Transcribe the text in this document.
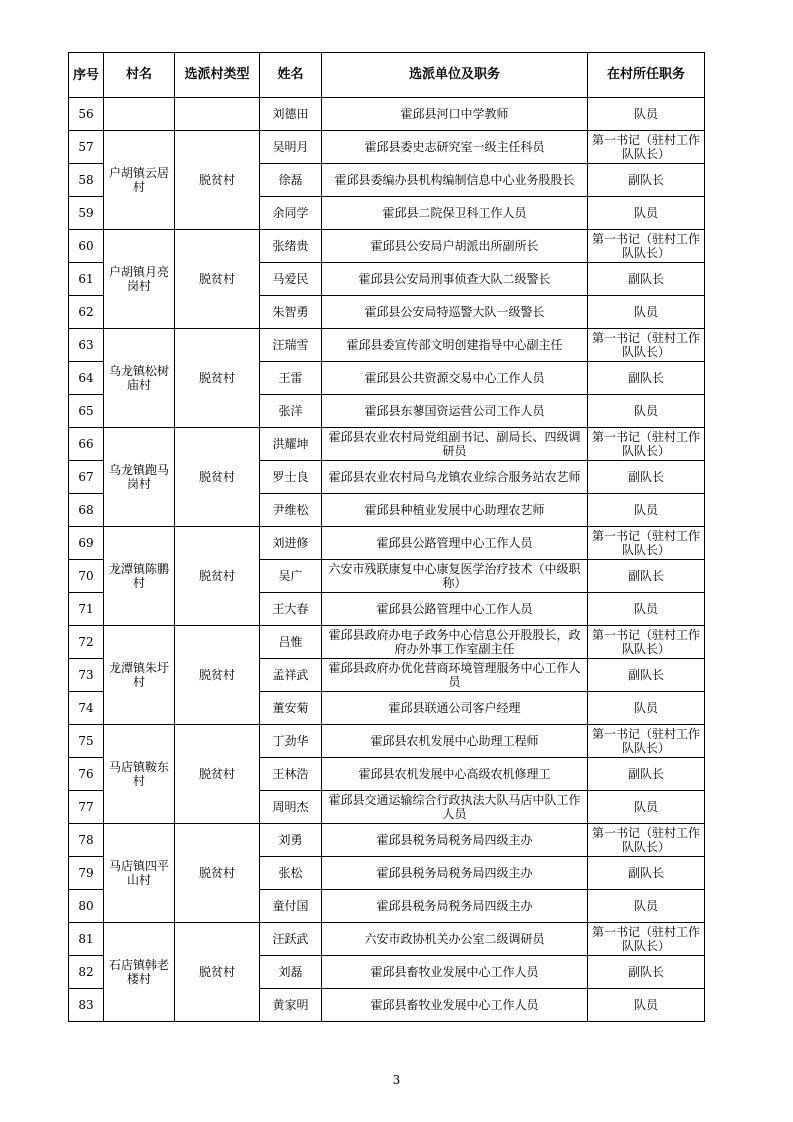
序号	村名	选派村类型	姓名	选派单位及职务	在村所任职务
56			刘德田	霍邱县河口中学教师	队员
57	户胡镇云居村	脱贫村	吴明月	霍邱县委史志研究室一级主任科员	第一书记（驻村工作队队长）
58			徐磊	霍邱县委编办县机构编制信息中心业务股股长	副队长
59			余同学	霍邱县二院保卫科工作人员	队员
60	户胡镇月亮岗村	脱贫村	张绪贵	霍邱县公安局户胡派出所副所长	第一书记（驻村工作队队长）
61			马爱民	霍邱县公安局刑事侦查大队二级警长	副队长
62			朱智勇	霍邱县公安局特巡警大队一级警长	队员
63	乌龙镇松树庙村	脱贫村	汪瑞雪	霍邱县委宣传部文明创建指导中心副主任	第一书记（驻村工作队队长）
64			王雷	霍邱县公共资源交易中心工作人员	副队长
65			张洋	霍邱县东蓼国资运营公司工作人员	队员
66	乌龙镇跑马岗村	脱贫村	洪耀坤	霍邱县农业农村局党组副书记、副局长、四级调研员	第一书记（驻村工作队队长）
67			罗士良	霍邱县农业农村局乌龙镇农业综合服务站农艺师	副队长
68			尹维松	霍邱县种植业发展中心助理农艺师	队员
69	龙潭镇陈鹏村	脱贫村	刘进修	霍邱县公路管理中心工作人员	第一书记（驻村工作队队长）
70			吴广	六安市残联康复中心康复医学治疗技术（中级职称）	副队长
71			王大春	霍邱县公路管理中心工作人员	队员
72	龙潭镇朱圩村	脱贫村	吕惟	霍邱县政府办电子政务中心信息公开股股长，政府办外事工作室副主任	第一书记（驻村工作队队长）
73			孟祥武	霍邱县政府办优化营商环境管理服务中心工作人员	副队长
74			董安菊	霍邱县联通公司客户经理	队员
75	马店镇鞍东村	脱贫村	丁劲华	霍邱县农机发展中心助理工程师	第一书记（驻村工作队队长）
76			王林浩	霍邱县农机发展中心高级农机修理工	副队长
77			周明杰	霍邱县交通运输综合行政执法大队马店中队工作人员	队员
78	马店镇四平山村	脱贫村	刘勇	霍邱县税务局税务局四级主办	第一书记（驻村工作队队长）
79			张松	霍邱县税务局税务局四级主办	副队长
80			童付国	霍邱县税务局税务局四级主办	队员
81	石店镇韩老楼村	脱贫村	汪跃武	六安市政协机关办公室二级调研员	第一书记（驻村工作队队长）
82			刘磊	霍邱县畜牧业发展中心工作人员	副队长
83			黄家明	霍邱县畜牧业发展中心工作人员	队员
3
